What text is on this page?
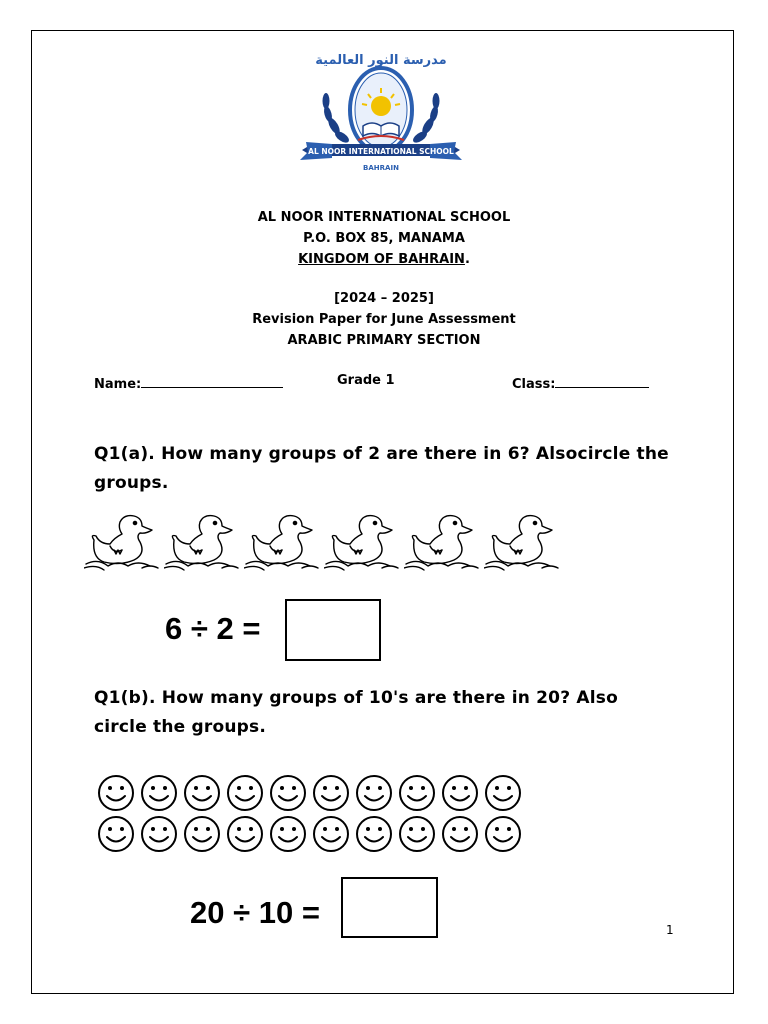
مدرسة النور العالمية
AL NOOR INTERNATIONAL SCHOOL
BAHRAIN
AL NOOR INTERNATIONAL SCHOOL
P.O. BOX 85, MANAMA
KINGDOM OF BAHRAIN.
[2024 – 2025]
Revision Paper for June Assessment
ARABIC PRIMARY SECTION
Name:	Grade 1	Class:
Q1(a). How many groups of 2 are there in 6? Alsocircle the groups.
6 ÷ 2 =
Q1(b). How many groups of 10's are there in 20? Also circle the groups.
20 ÷ 10 =	1
